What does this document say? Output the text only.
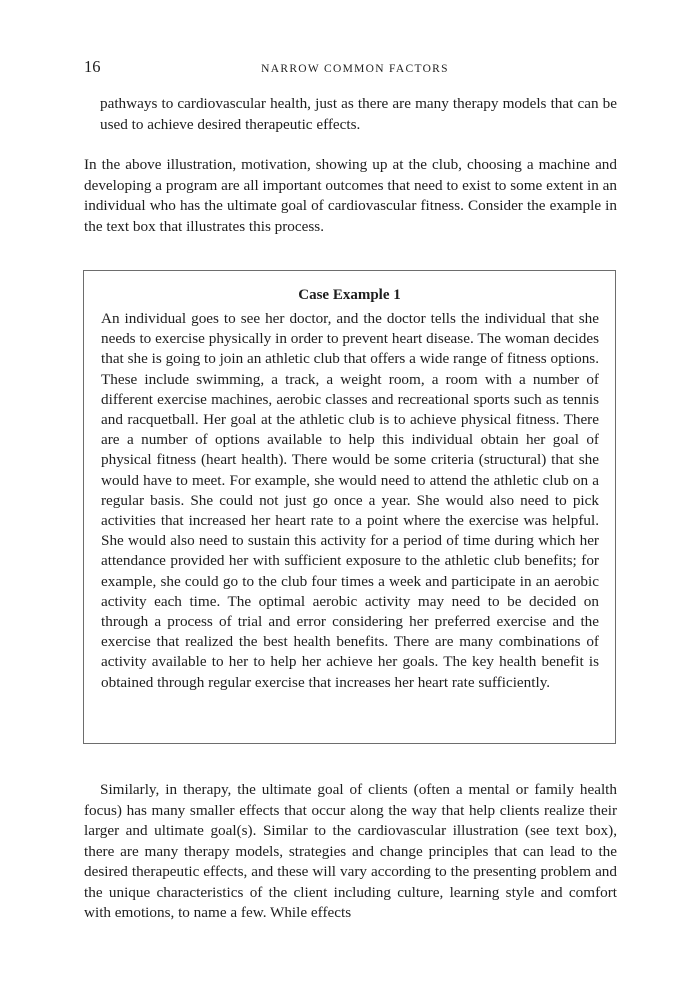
16	NARROW COMMON FACTORS

pathways to cardiovascular health, just as there are many therapy models that can be used to achieve desired therapeutic effects.

In the above illustration, motivation, showing up at the club, choosing a machine and developing a program are all important outcomes that need to exist to some extent in an individual who has the ultimate goal of cardiovascular fitness. Consider the example in the text box that illustrates this process.

Case Example 1

An individual goes to see her doctor, and the doctor tells the individual that she needs to exercise physically in order to prevent heart disease. The woman decides that she is going to join an athletic club that offers a wide range of fitness options. These include swimming, a track, a weight room, a room with a number of different exercise machines, aerobic classes and recreational sports such as tennis and racquetball. Her goal at the athletic club is to achieve physical fitness. There are a number of options available to help this individual obtain her goal of physical fitness (heart health). There would be some criteria (structural) that she would have to meet. For example, she would need to attend the athletic club on a regular basis. She could not just go once a year. She would also need to pick activities that increased her heart rate to a point where the exercise was helpful. She would also need to sustain this activity for a period of time during which her attendance provided her with sufficient exposure to the athletic club benefits; for example, she could go to the club four times a week and participate in an aerobic activity each time. The optimal aerobic activity may need to be decided on through a process of trial and error considering her preferred exercise and the exercise that realized the best health benefits. There are many combinations of activity available to her to help her achieve her goals. The key health benefit is obtained through regular exercise that increases her heart rate sufficiently.

Similarly, in therapy, the ultimate goal of clients (often a mental or family health focus) has many smaller effects that occur along the way that help clients realize their larger and ultimate goal(s). Similar to the cardiovascular illustration (see text box), there are many therapy models, strategies and change principles that can lead to the desired therapeutic effects, and these will vary according to the presenting problem and the unique characteristics of the client including culture, learning style and comfort with emotions, to name a few. While effects
